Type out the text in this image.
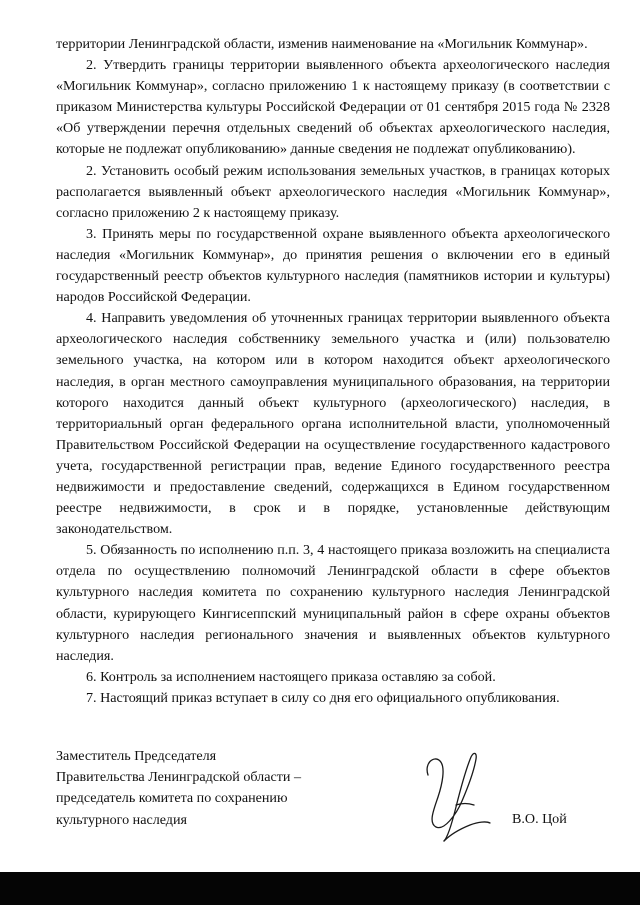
территории Ленинградской области, изменив наименование на «Могильник Коммунар».

2. Утвердить границы территории выявленного объекта археологического наследия «Могильник Коммунар», согласно приложению 1 к настоящему приказу (в соответствии с приказом Министерства культуры Российской Федерации от 01 сентября 2015 года № 2328 «Об утверждении перечня отдельных сведений об объектах археологического наследия, которые не подлежат опубликованию» данные сведения не подлежат опубликованию).

2. Установить особый режим использования земельных участков, в границах которых располагается выявленный объект археологического наследия «Могильник Коммунар», согласно приложению 2 к настоящему приказу.

3. Принять меры по государственной охране выявленного объекта археологического наследия «Могильник Коммунар», до принятия решения о включении его в единый государственный реестр объектов культурного наследия (памятников истории и культуры) народов Российской Федерации.

4. Направить уведомления об уточненных границах территории выявленного объекта археологического наследия собственнику земельного участка и (или) пользователю земельного участка, на котором или в котором находится объект археологического наследия, в орган местного самоуправления муниципального образования, на территории которого находится данный объект культурного (археологического) наследия, в территориальный орган федерального органа исполнительной власти, уполномоченный Правительством Российской Федерации на осуществление государственного кадастрового учета, государственной регистрации прав, ведение Единого государственного реестра недвижимости и предоставление сведений, содержащихся в Едином государственном реестре недвижимости, в срок и в порядке, установленные действующим законодательством.

5. Обязанность по исполнению п.п. 3, 4 настоящего приказа возложить на специалиста отдела по осуществлению полномочий Ленинградской области в сфере объектов культурного наследия комитета по сохранению культурного наследия Ленинградской области, курирующего Кингисеппский муниципальный район в сфере охраны объектов культурного наследия регионального значения и выявленных объектов культурного наследия.

6. Контроль за исполнением настоящего приказа оставляю за собой.

7. Настоящий приказ вступает в силу со дня его официального опубликования.

Заместитель Председателя
Правительства Ленинградской области –
председатель комитета по сохранению
культурного наследия	В.О. Цой
